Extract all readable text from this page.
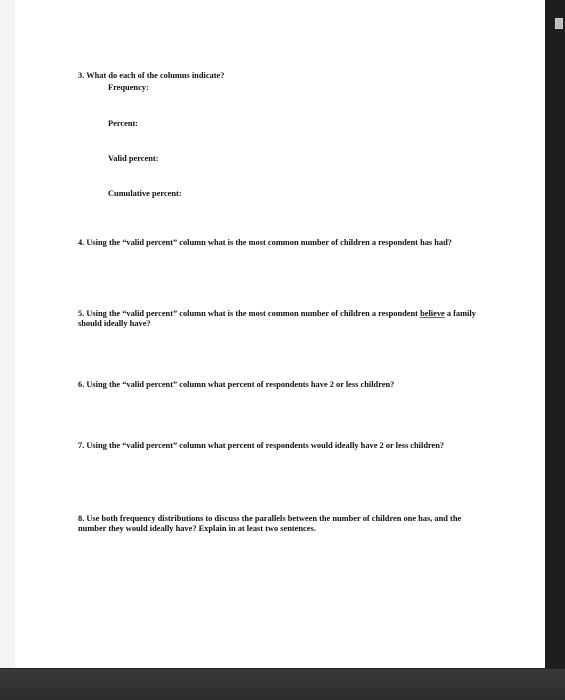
3. What do each of the columns indicate?
Frequency:
Percent:
Valid percent:
Cumulative percent:
4. Using the “valid percent” column what is the most common number of children a respondent has had?
5. Using the “valid percent” column what is the most common number of children a respondent believe a family should ideally have?
6. Using the “valid percent” column what percent of respondents have 2 or less children?
7. Using the “valid percent” column what percent of respondents would ideally have 2 or less children?
8. Use both frequency distributions to discuss the parallels between the number of children one has, and the number they would ideally have? Explain in at least two sentences.
